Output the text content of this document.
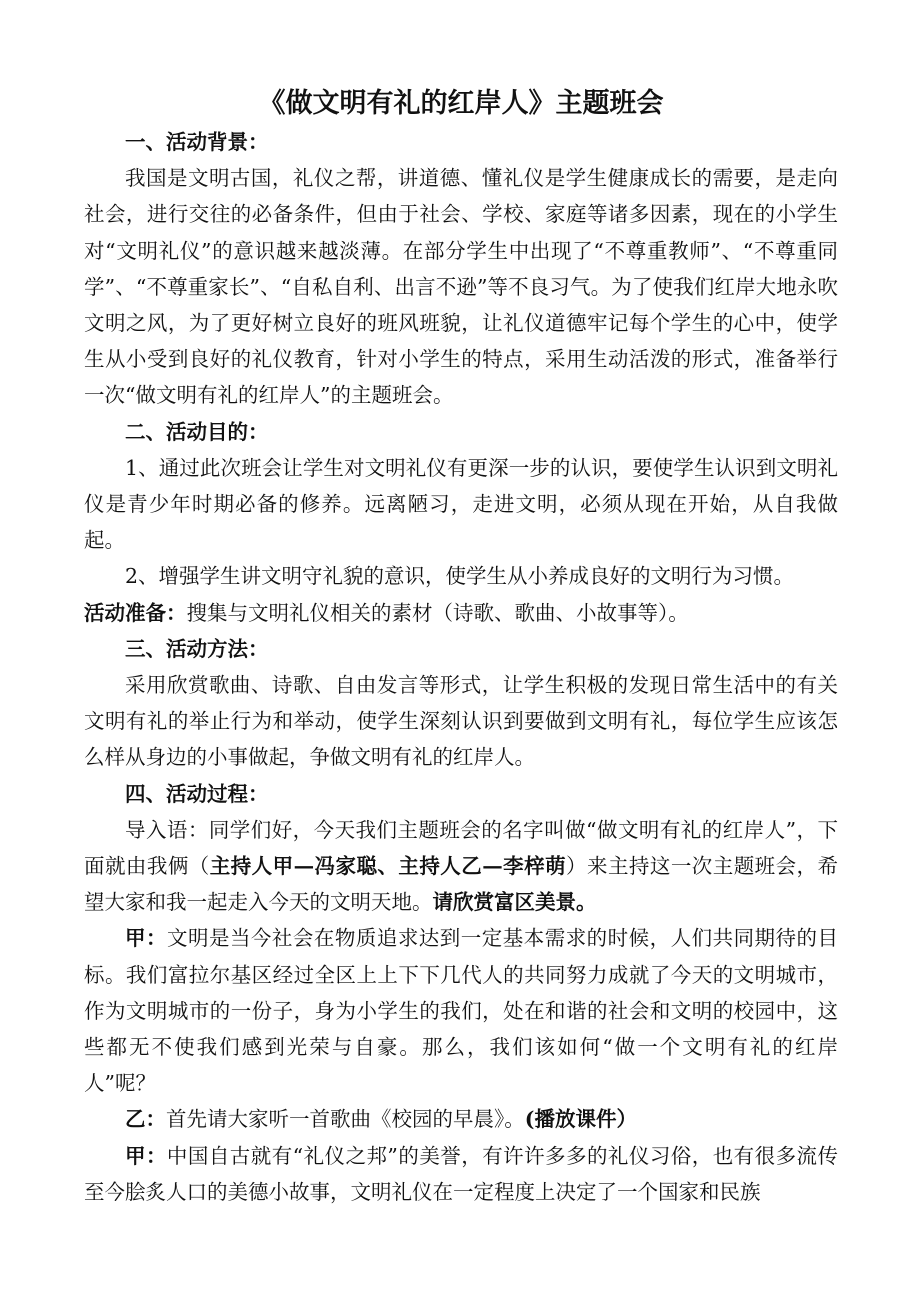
《做文明有礼的红岸人》主题班会

一、活动背景：

我国是文明古国，礼仪之帮，讲道德、懂礼仪是学生健康成长的需要，是走向社会，进行交往的必备条件，但由于社会、学校、家庭等诸多因素，现在的小学生对“文明礼仪”的意识越来越淡薄。在部分学生中出现了“不尊重教师”、“不尊重同学”、“不尊重家长”、“自私自利、出言不逊”等不良习气。为了使我们红岸大地永吹文明之风，为了更好树立良好的班风班貌，让礼仪道德牢记每个学生的心中，使学生从小受到良好的礼仪教育，针对小学生的特点，采用生动活泼的形式，准备举行一次“做文明有礼的红岸人”的主题班会。

二、活动目的：

1、通过此次班会让学生对文明礼仪有更深一步的认识，要使学生认识到文明礼仪是青少年时期必备的修养。远离陋习，走进文明，必须从现在开始，从自我做起。

2、增强学生讲文明守礼貌的意识，使学生从小养成良好的文明行为习惯。

活动准备：搜集与文明礼仪相关的素材（诗歌、歌曲、小故事等）。

三、活动方法：

采用欣赏歌曲、诗歌、自由发言等形式，让学生积极的发现日常生活中的有关文明有礼的举止行为和举动，使学生深刻认识到要做到文明有礼，每位学生应该怎么样从身边的小事做起，争做文明有礼的红岸人。

四、活动过程：

导入语：同学们好，今天我们主题班会的名字叫做“做文明有礼的红岸人”，下面就由我俩（主持人甲—冯家聪、主持人乙—李梓萌）来主持这一次主题班会，希望大家和我一起走入今天的文明天地。请欣赏富区美景。

甲：文明是当今社会在物质追求达到一定基本需求的时候，人们共同期待的目标。我们富拉尔基区经过全区上上下下几代人的共同努力成就了今天的文明城市，作为文明城市的一份子，身为小学生的我们，处在和谐的社会和文明的校园中，这些都无不使我们感到光荣与自豪。那么，我们该如何“做一个文明有礼的红岸人”呢？

乙：首先请大家听一首歌曲《校园的早晨》。(播放课件）

甲：中国自古就有“礼仪之邦”的美誉，有许许多多的礼仪习俗，也有很多流传至今脍炙人口的美德小故事，文明礼仪在一定程度上决定了一个国家和民族
